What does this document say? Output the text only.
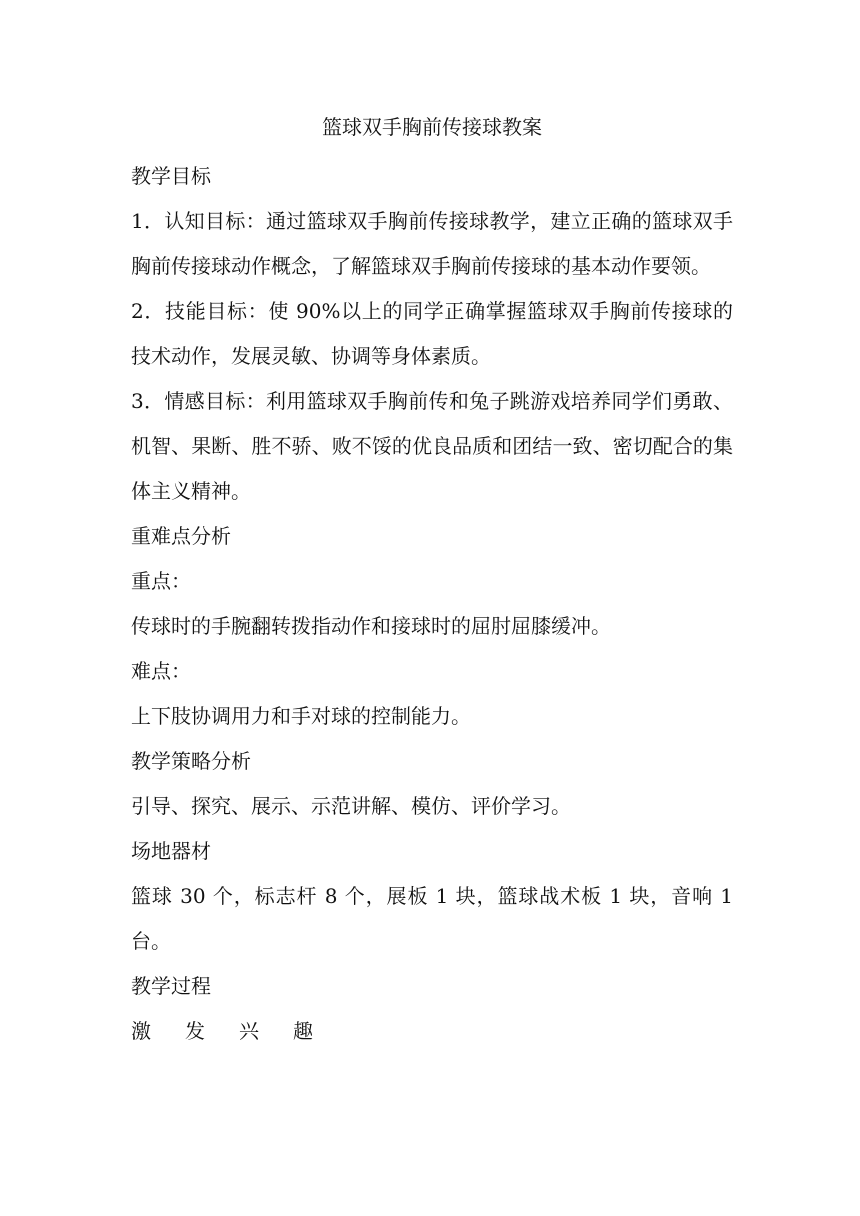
篮球双手胸前传接球教案
教学目标
1．认知目标：通过篮球双手胸前传接球教学，建立正确的篮球双手胸前传接球动作概念，了解篮球双手胸前传接球的基本动作要领。
2．技能目标：使 90%以上的同学正确掌握篮球双手胸前传接球的技术动作，发展灵敏、协调等身体素质。
3．情感目标：利用篮球双手胸前传和兔子跳游戏培养同学们勇敢、机智、果断、胜不骄、败不馁的优良品质和团结一致、密切配合的集体主义精神。
重难点分析
重点：
传球时的手腕翻转拨指动作和接球时的屈肘屈膝缓冲。
难点：
上下肢协调用力和手对球的控制能力。
教学策略分析
引导、探究、展示、示范讲解、模仿、评价学习。
场地器材
篮球 30 个，标志杆 8 个，展板 1 块，篮球战术板 1 块，音响 1 台。
教学过程
激发兴趣
